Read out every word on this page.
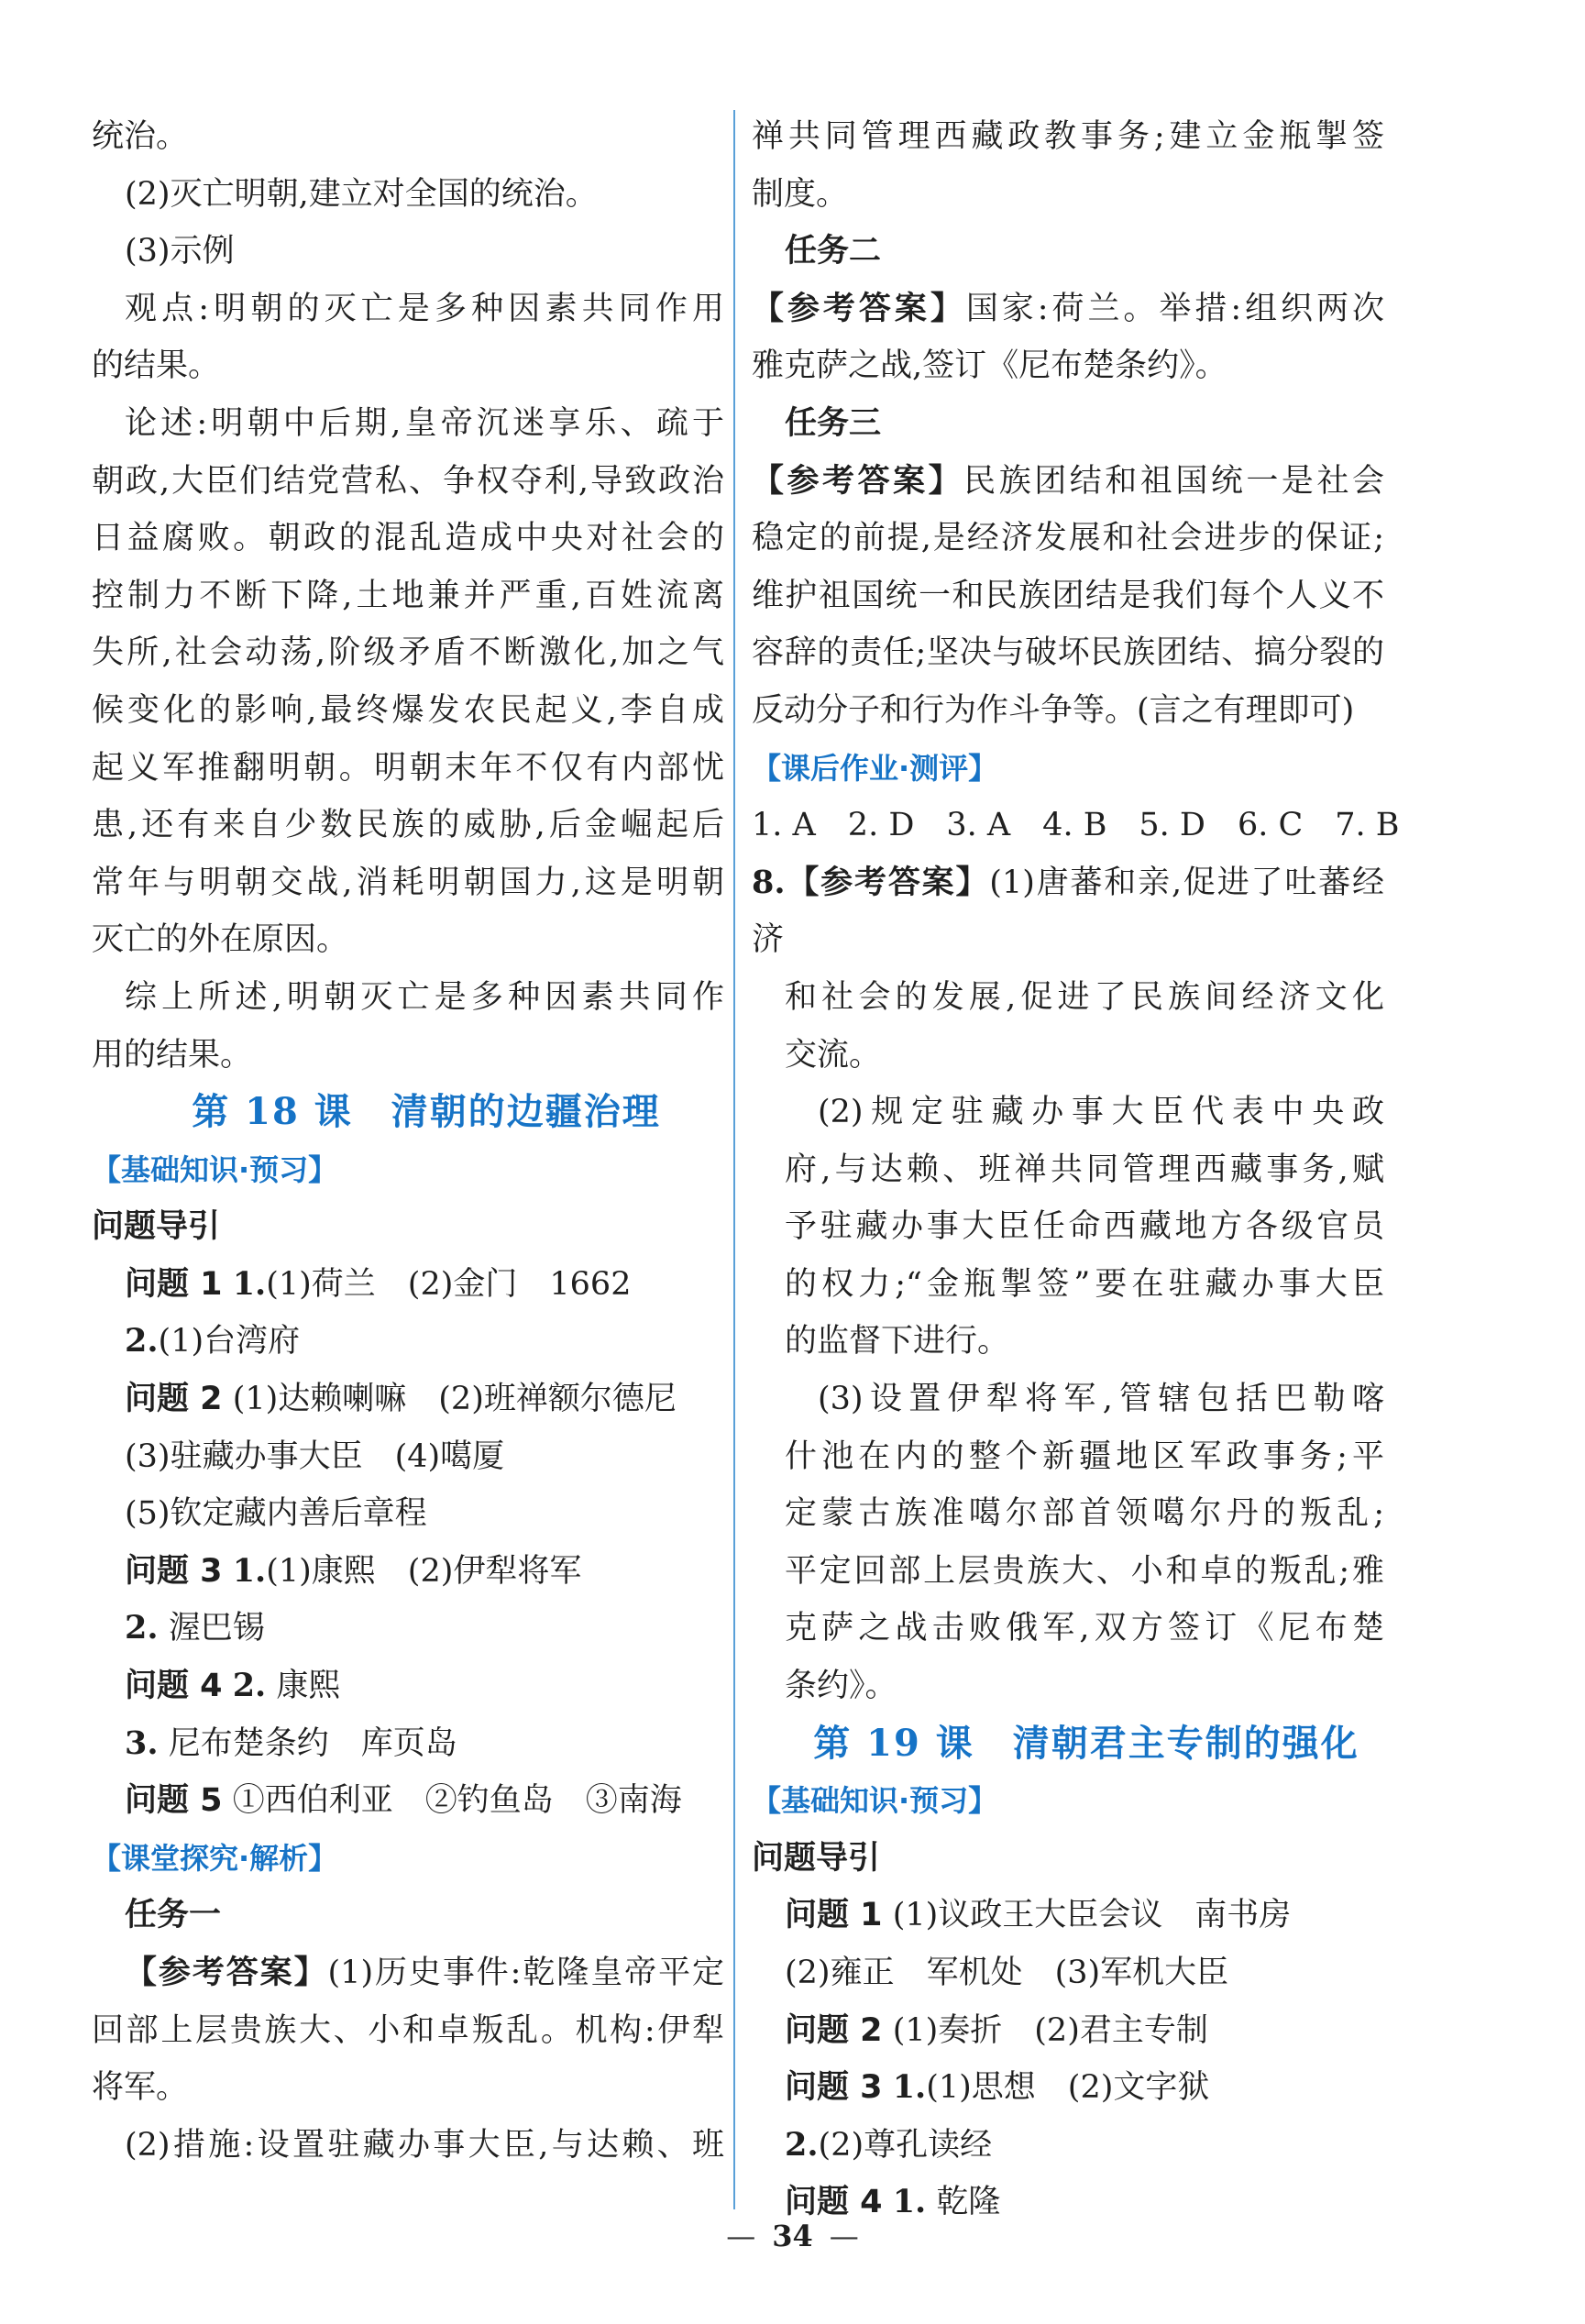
统治。
(2)灭亡明朝,建立对全国的统治。
(3)示例
观点:明朝的灭亡是多种因素共同作用
的结果。
论述:明朝中后期,皇帝沉迷享乐、疏于
朝政,大臣们结党营私、争权夺利,导致政治
日益腐败。朝政的混乱造成中央对社会的
控制力不断下降,土地兼并严重,百姓流离
失所,社会动荡,阶级矛盾不断激化,加之气
候变化的影响,最终爆发农民起义,李自成
起义军推翻明朝。明朝末年不仅有内部忧
患,还有来自少数民族的威胁,后金崛起后
常年与明朝交战,消耗明朝国力,这是明朝
灭亡的外在原因。
综上所述,明朝灭亡是多种因素共同作
用的结果。
第 18 课　清朝的边疆治理
【基础知识·预习】
问题导引
问题 1 1.(1)荷兰　(2)金门　1662
2.(1)台湾府
问题 2 (1)达赖喇嘛　(2)班禅额尔德尼
(3)驻藏办事大臣　(4)噶厦
(5)钦定藏内善后章程
问题 3 1.(1)康熙　(2)伊犁将军
2. 渥巴锡
问题 4 2. 康熙
3. 尼布楚条约　库页岛
问题 5 ①西伯利亚　②钓鱼岛　③南海
【课堂探究·解析】
任务一
【参考答案】(1)历史事件:乾隆皇帝平定
回部上层贵族大、小和卓叛乱。机构:伊犁
将军。
(2)措施:设置驻藏办事大臣,与达赖、班
禅共同管理西藏政教事务;建立金瓶掣签
制度。
任务二
【参考答案】国家:荷兰。举措:组织两次
雅克萨之战,签订《尼布楚条约》。
任务三
【参考答案】民族团结和祖国统一是社会
稳定的前提,是经济发展和社会进步的保证;
维护祖国统一和民族团结是我们每个人义不
容辞的责任;坚决与破坏民族团结、搞分裂的
反动分子和行为作斗争等。(言之有理即可)
【课后作业·测评】
1. A　2. D　3. A　4. B　5. D　6. C　7. B
8.【参考答案】(1)唐蕃和亲,促进了吐蕃经济
和社会的发展,促进了民族间经济文化
交流。
(2)规定驻藏办事大臣代表中央政
府,与达赖、班禅共同管理西藏事务,赋
予驻藏办事大臣任命西藏地方各级官员
的权力;“金瓶掣签”要在驻藏办事大臣
的监督下进行。
(3)设置伊犁将军,管辖包括巴勒喀
什池在内的整个新疆地区军政事务;平
定蒙古族准噶尔部首领噶尔丹的叛乱;
平定回部上层贵族大、小和卓的叛乱;雅
克萨之战击败俄军,双方签订《尼布楚
条约》。
第 19 课　清朝君主专制的强化
【基础知识·预习】
问题导引
问题 1 (1)议政王大臣会议　南书房
(2)雍正　军机处　(3)军机大臣
问题 2 (1)奏折　(2)君主专制
问题 3 1.(1)思想　(2)文字狱
2.(2)尊孔读经
问题 4 1. 乾隆
— 34 —
